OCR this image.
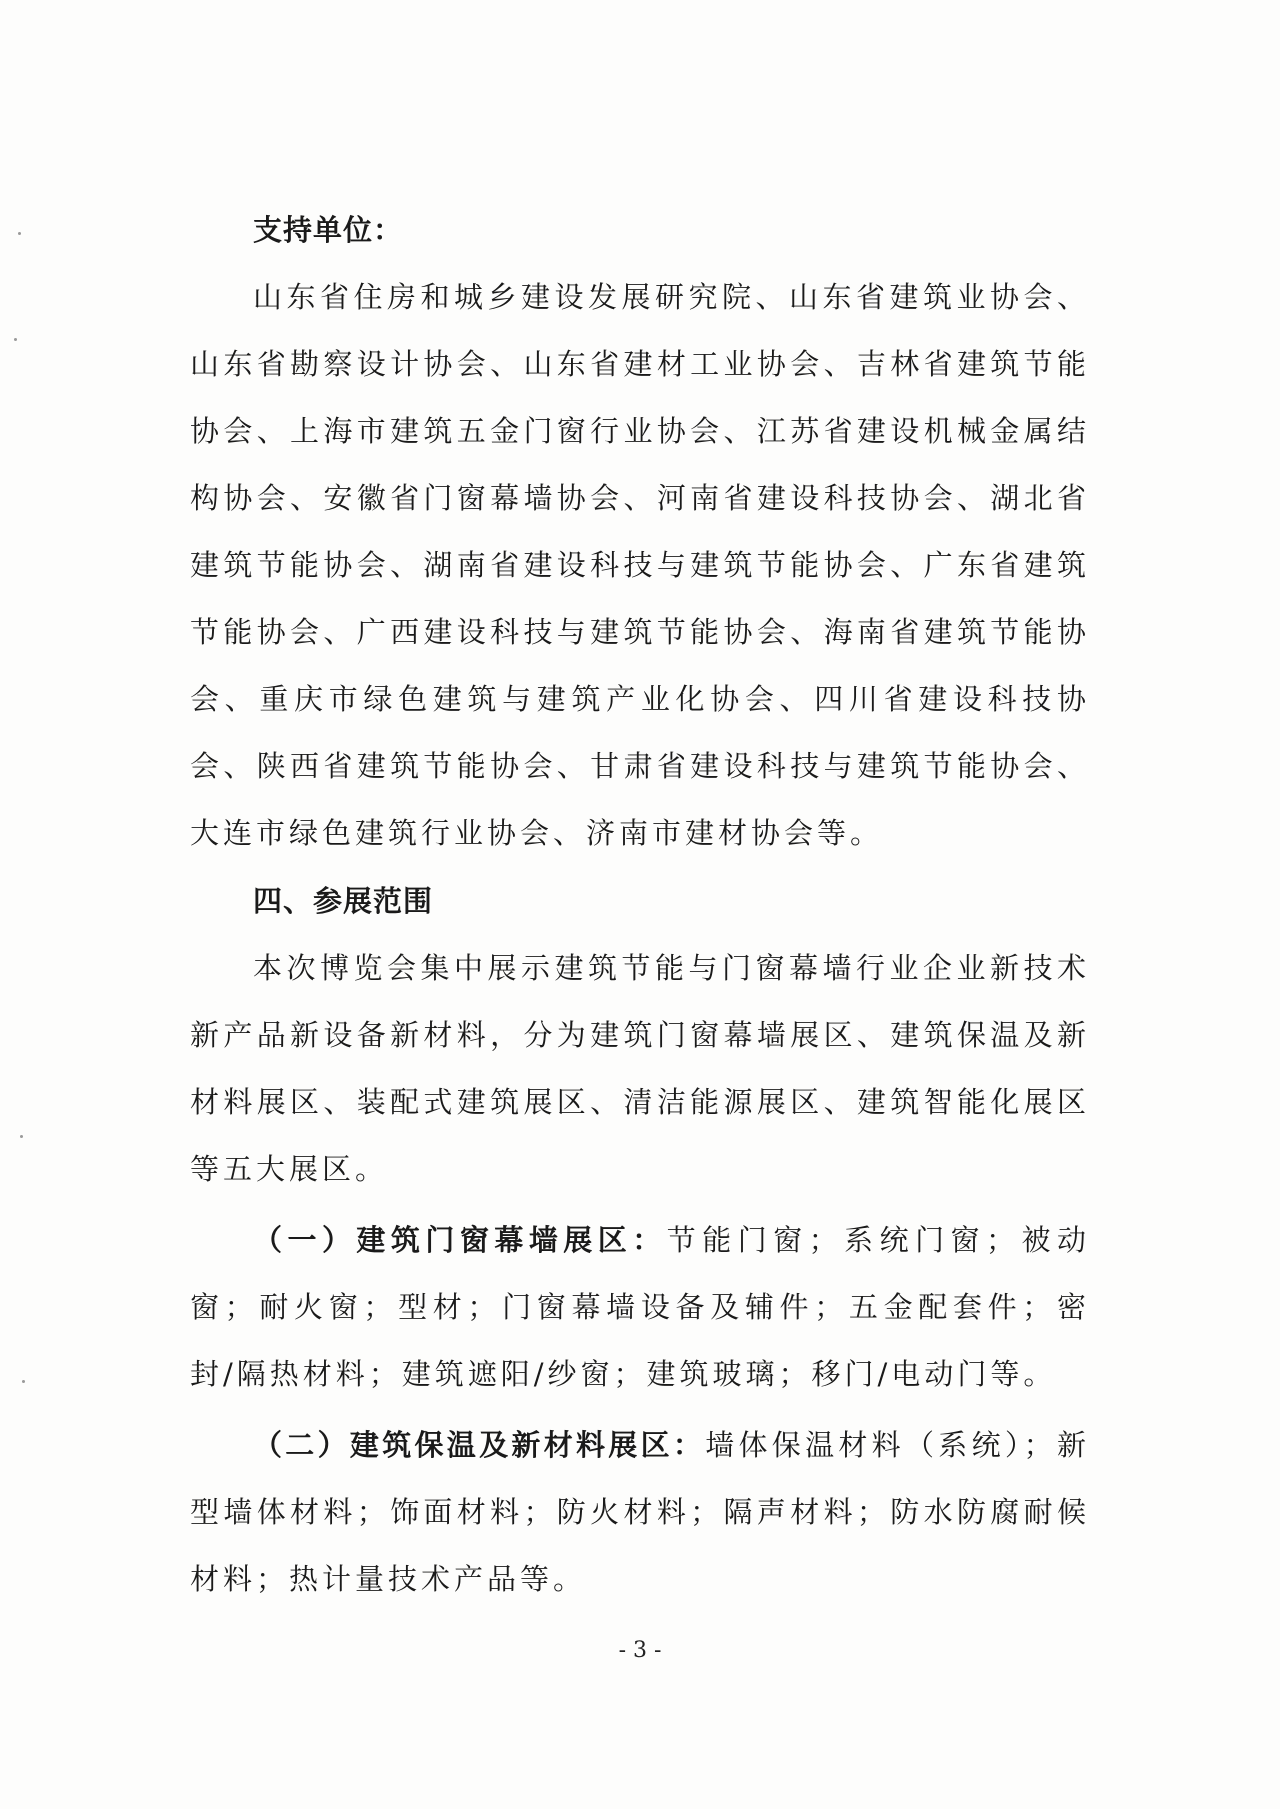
支持单位：

山东省住房和城乡建设发展研究院、山东省建筑业协会、山东省勘察设计协会、山东省建材工业协会、吉林省建筑节能协会、上海市建筑五金门窗行业协会、江苏省建设机械金属结构协会、安徽省门窗幕墙协会、河南省建设科技协会、湖北省建筑节能协会、湖南省建设科技与建筑节能协会、广东省建筑节能协会、广西建设科技与建筑节能协会、海南省建筑节能协会、重庆市绿色建筑与建筑产业化协会、四川省建设科技协会、陕西省建筑节能协会、甘肃省建设科技与建筑节能协会、大连市绿色建筑行业协会、济南市建材协会等。

四、参展范围

本次博览会集中展示建筑节能与门窗幕墙行业企业新技术新产品新设备新材料，分为建筑门窗幕墙展区、建筑保温及新材料展区、装配式建筑展区、清洁能源展区、建筑智能化展区等五大展区。

（一）建筑门窗幕墙展区：节能门窗；系统门窗；被动窗；耐火窗；型材；门窗幕墙设备及辅件；五金配套件；密封/隔热材料；建筑遮阳/纱窗；建筑玻璃；移门/电动门等。

（二）建筑保温及新材料展区：墙体保温材料（系统）；新型墙体材料；饰面材料；防火材料；隔声材料；防水防腐耐候材料；热计量技术产品等。

- 3 -
